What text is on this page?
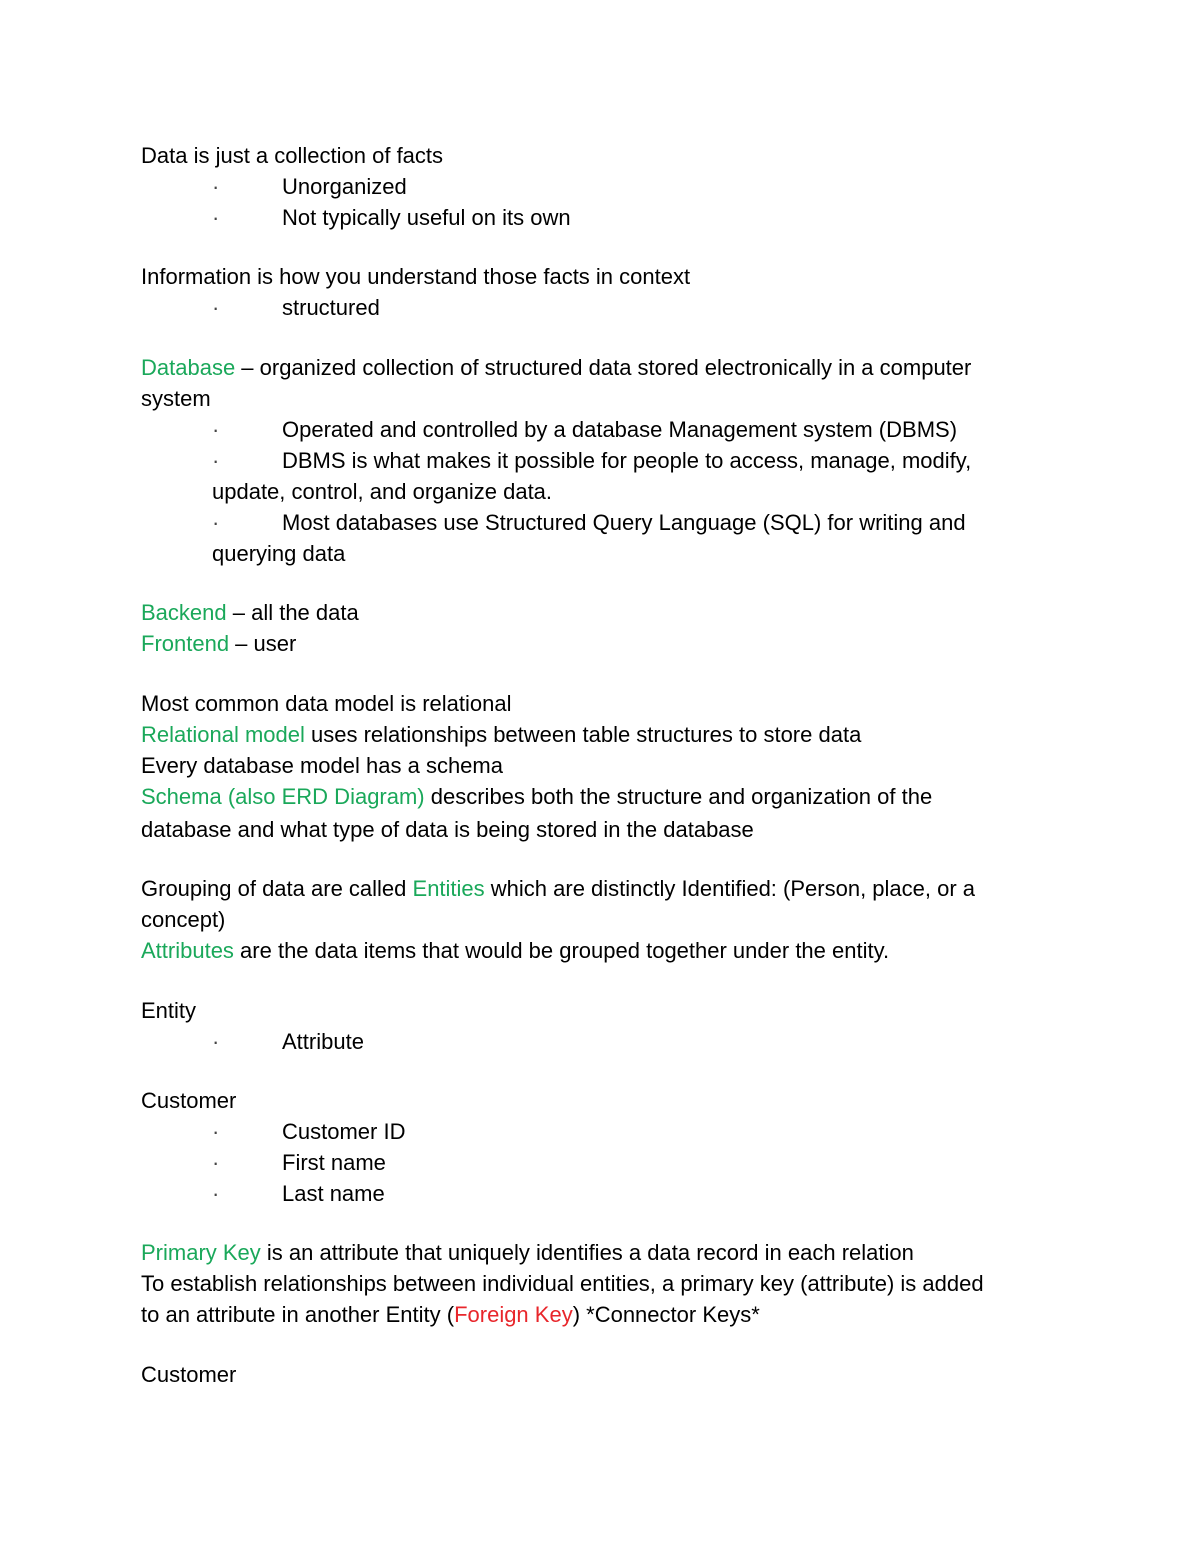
Data is just a collection of facts
·	Unorganized
·	Not typically useful on its own
Information is how you understand those facts in context
·	structured
Database – organized collection of structured data stored electronically in a computer
system
·	Operated and controlled by a database Management system (DBMS)
·	DBMS is what makes it possible for people to access, manage, modify,
update, control, and organize data.
·	Most databases use Structured Query Language (SQL) for writing and
querying data
Backend – all the data
Frontend – user
Most common data model is relational
Relational model uses relationships between table structures to store data
Every database model has a schema
Schema (also ERD Diagram) describes both the structure and organization of the
database and what type of data is being stored in the database
Grouping of data are called Entities which are distinctly Identified: (Person, place, or a
concept)
Attributes are the data items that would be grouped together under the entity.
Entity
·	Attribute
Customer
·	Customer ID
·	First name
·	Last name
Primary Key is an attribute that uniquely identifies a data record in each relation
To establish relationships between individual entities, a primary key (attribute) is added
to an attribute in another Entity (Foreign Key) *Connector Keys*
Customer
